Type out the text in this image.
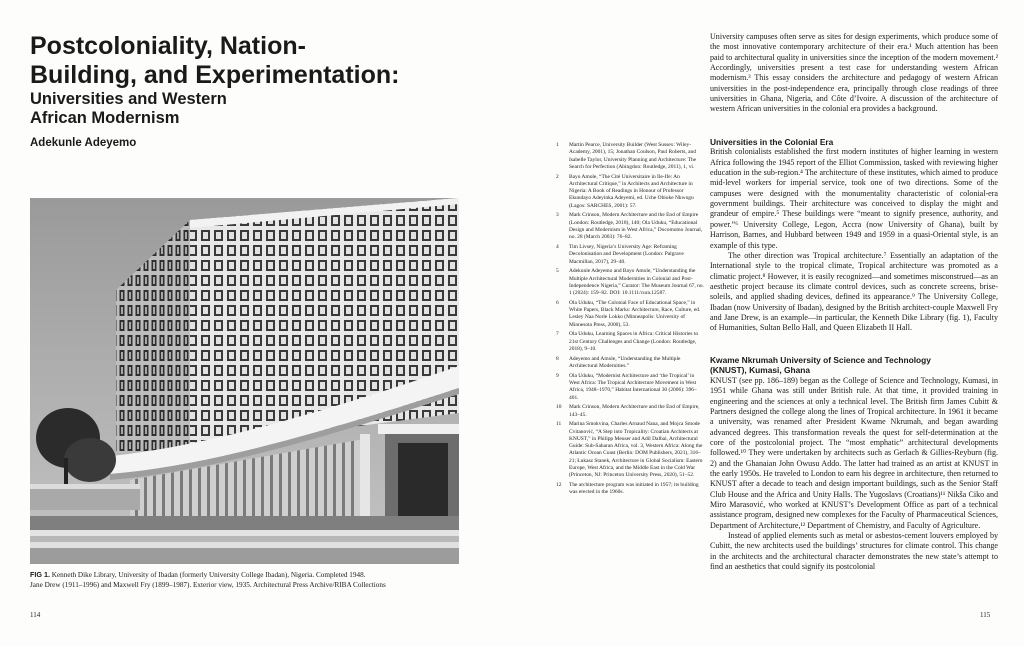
Postcoloniality, Nation-
Building, and Experimentation:
Universities and Western
African Modernism
Adekunle Adeyemo
FIG 1. Kenneth Dike Library, University of Ibadan (formerly University College Ibadan), Nigeria. Completed 1948.
Jane Drew (1911–1996) and Maxwell Fry (1899–1987). Exterior view, 1935. Architectural Press Archive/RIBA Collections
114
1	Martin Pearce, University Builder (West Sussex: Wiley-Academy, 2001), 15; Jonathan Coulson, Paul Roberts, and Isabelle Taylor, University Planning and Architecture: The Search for Perfection (Abingdon: Routledge, 2011), 1, vi.
2	Bayo Amole, “The Cité Universitaire in Ile-Ife: An Architectural Critique,” in Architects and Architecture in Nigeria: A Book of Readings in Honour of Professor Ekundayo Adeyinka Adeyemi, ed. Uche Obioke Nkwogu (Lagos: SARCHES, 2001): 57.
3	Mark Crinson, Modern Architecture and the End of Empire (London: Routledge, 2018), 140; Ola Uduku, “Educational Design and Modernism in West Africa,” Docomomo Journal, no. 28 (March 2003): 76–82.
4	Tim Livsey, Nigeria’s University Age: Reframing Decolonisation and Development (London: Palgrave Macmillan, 2017), 29–40.
5	Adekunle Adeyemo and Bayo Amole, “Understanding the Multiple Architectural Modernities in Colonial and Post-Independence Nigeria,” Curator: The Museum Journal 67, no. 1 (2024): 159–82. DOI: 10.1111/cura.12587.
6	Ola Uduku, “The Colonial Face of Educational Space,” in White Papers, Black Marks: Architecture, Race, Culture, ed. Lesley Naa Norle Lokko (Minneapolis: University of Minnesota Press, 2000), 53.
7	Ola Uduku, Learning Spaces in Africa: Critical Histories to 21st Century Challenges and Change (London: Routledge, 2018), 9–10.
8	Adeyemo and Amole, “Understanding the Multiple Architectural Modernities.”
9	Ola Uduku, “Modernist Architecture and ‘the Tropical’ in West Africa: The Tropical Architecture Movement in West Africa, 1948–1970,” Habitat International 30 (2006): 396–401.
10	Mark Crinson, Modern Architecture and the End of Empire, 143–45.
11	Marina Smokvina, Charles Arnaud Nana, and Mojca Smode Cvitanović, “A Step into Tropicality: Croatian Architects at KNUST,” in Philipp Meuser and Adil Dalbai, Architectural Guide: Sub-Saharan Africa, vol. 3, Western Africa: Along the Atlantic Ocean Coast (Berlin: DOM Publishers, 2021), 316–21; Łukasz Stanek, Architecture in Global Socialism: Eastern Europe, West Africa, and the Middle East in the Cold War (Princeton, NJ: Princeton University Press, 2020), 51–52.
12	The architecture program was initiated in 1957; its building was erected in the 1960s.

University campuses often serve as sites for design experiments, which produce some of the most innovative contemporary architecture of their era.¹ Much attention has been paid to architectural quality in universities since the inception of the modern movement.² Accordingly, universities present a test case for understanding western African modernism.³ This essay considers the architecture and pedagogy of western African universities in the post-independence era, principally through close readings of three universities in Ghana, Nigeria, and Côte d’Ivoire. A discussion of the architecture of western African universities in the colonial era provides a background.

Universities in the Colonial Era

British colonialists established the first modern institutes of higher learning in western Africa following the 1945 report of the Elliot Commission, tasked with reviewing higher education in the sub-region.⁴ The architecture of these institutes, which aimed to produce mid-level workers for imperial service, took one of two directions. Some of the campuses were designed with the monumentality characteristic of colonial-era government buildings. Their architecture was conceived to display the might and grandeur of empire.⁵ These buildings were “meant to signify presence, authority, and power.”⁶ University College, Legon, Accra (now University of Ghana), built by Harrison, Barnes, and Hubbard between 1949 and 1959 in a quasi-Oriental style, is an example of this type.

The other direction was Tropical architecture.⁷ Essentially an adaptation of the International style to the tropical climate, Tropical architecture was promoted as a climatic project.⁸ However, it is easily recognized—and sometimes misconstrued—as an aesthetic project because its climate control devices, such as concrete screens, brise-soleils, and applied shading devices, defined its appearance.⁹ The University College, Ibadan (now University of Ibadan), designed by the British architect-couple Maxwell Fry and Jane Drew, is an example—in particular, the Kenneth Dike Library (fig. 1), Faculty of Humanities, Sultan Bello Hall, and Queen Elizabeth II Hall.

Kwame Nkrumah University of Science and Technology
(KNUST), Kumasi, Ghana

KNUST (see pp. 186–189) began as the College of Science and Technology, Kumasi, in 1951 while Ghana was still under British rule. At that time, it provided training in engineering and the sciences at only a technical level. The British firm James Cubitt & Partners designed the college along the lines of Tropical architecture. In 1961 it became a university, was renamed after President Kwame Nkrumah, and began awarding advanced degrees. This transformation reveals the quest for self-determination at the core of the postcolonial project. The “most emphatic” architectural developments followed.¹⁰ They were undertaken by architects such as Gerlach & Gillies-Reyburn (fig. 2) and the Ghanaian John Owusu Addo. The latter had trained as an artist at KNUST in the early 1950s. He traveled to London to earn his degree in architecture, then returned to KNUST after a decade to teach and design important buildings, such as the Senior Staff Club House and the Africa and Unity Halls. The Yugoslavs (Croatians)¹¹ Nikša Ciko and Miro Marasović, who worked at KNUST’s Development Office as part of a technical assistance program, designed new complexes for the Faculty of Pharmaceutical Sciences, Department of Architecture,¹² Department of Chemistry, and Faculty of Agriculture.

Instead of applied elements such as metal or asbestos-cement louvers employed by Cubitt, the new architects used the buildings’ structures for climate control. This change in the architects and the architectural character demonstrates the new state’s attempt to find an aesthetics that could signify its postcolonial

115
